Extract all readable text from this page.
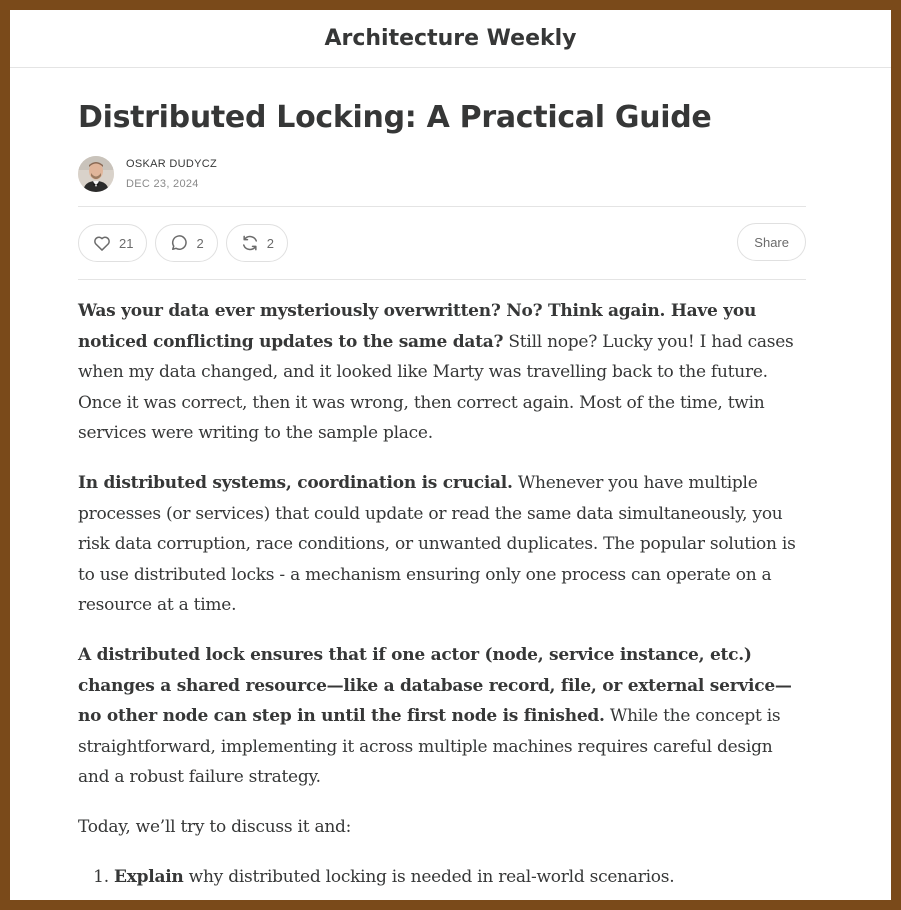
Architecture Weekly
Distributed Locking: A Practical Guide
OSKAR DUDYCZ
DEC 23, 2024
21	2	2	Share

Was your data ever mysteriously overwritten? No? Think again. Have you noticed conflicting updates to the same data? Still nope? Lucky you! I had cases when my data changed, and it looked like Marty was travelling back to the future. Once it was correct, then it was wrong, then correct again. Most of the time, twin services were writing to the sample place.

In distributed systems, coordination is crucial. Whenever you have multiple processes (or services) that could update or read the same data simultaneously, you risk data corruption, race conditions, or unwanted duplicates. The popular solution is to use distributed locks - a mechanism ensuring only one process can operate on a resource at a time.

A distributed lock ensures that if one actor (node, service instance, etc.) changes a shared resource—like a database record, file, or external service—no other node can step in until the first node is finished. While the concept is straightforward, implementing it across multiple machines requires careful design and a robust failure strategy.

Today, we’ll try to discuss it and:

1. Explain why distributed locking is needed in real-world scenarios.
